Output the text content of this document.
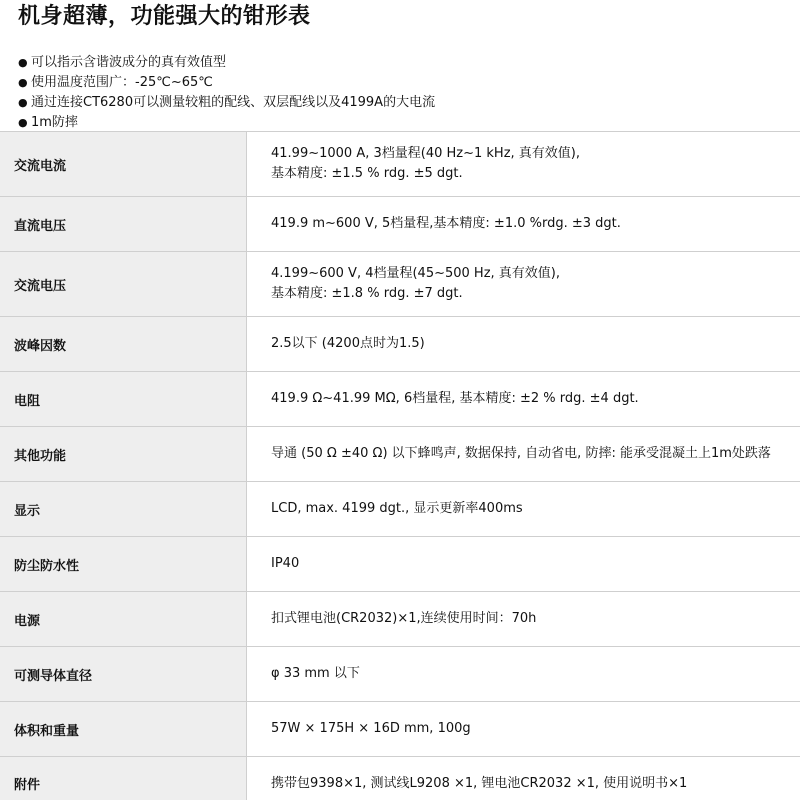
机身超薄，功能强大的钳形表
● 可以指示含谐波成分的真有效值型
● 使用温度范围广：-25℃~65℃
● 通过连接CT6280可以测量较粗的配线、双层配线以及4199A的大电流
● 1m防摔
交流电流	41.99~1000 A, 3档量程(40 Hz~1 kHz, 真有效值),
基本精度: ±1.5 % rdg. ±5 dgt.

直流电压	419.9 m~600 V, 5档量程,基本精度: ±1.0 %rdg. ±3 dgt.

交流电压	4.199~600 V, 4档量程(45~500 Hz, 真有效值),
基本精度: ±1.8 % rdg. ±7 dgt.

波峰因数	2.5以下 (4200点时为1.5)

电阻	419.9 Ω~41.99 MΩ, 6档量程, 基本精度: ±2 % rdg. ±4 dgt.

其他功能	导通 (50 Ω ±40 Ω) 以下蜂鸣声, 数据保持, 自动省电, 防摔: 能承受混凝土上1m处跌落

显示	LCD, max. 4199 dgt., 显示更新率400ms

防尘防水性	IP40

电源	扣式锂电池(CR2032)×1,连续使用时间：70h

可测导体直径	φ 33 mm 以下

体积和重量	57W × 175H × 16D mm, 100g

附件	携带包9398×1, 测试线L9208 ×1, 锂电池CR2032 ×1, 使用说明书×1
